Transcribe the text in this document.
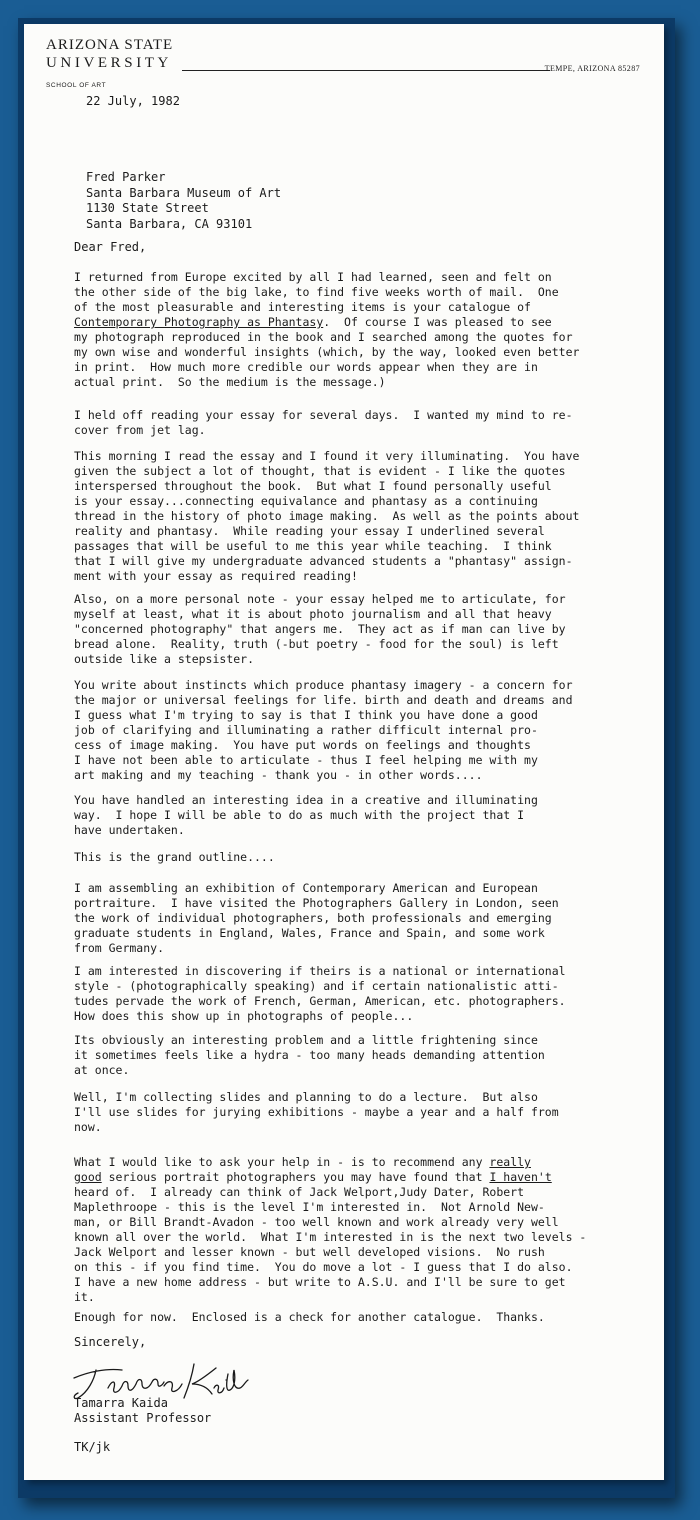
ARIZONA STATE
UNIVERSITY	TEMPE, ARIZONA 85287
SCHOOL OF ART
22 July, 1982
Fred Parker
Santa Barbara Museum of Art
1130 State Street
Santa Barbara, CA 93101
Dear Fred,
I returned from Europe excited by all I had learned, seen and felt on
the other side of the big lake, to find five weeks worth of mail.  One
of the most pleasurable and interesting items is your catalogue of
Contemporary Photography as Phantasy.  Of course I was pleased to see
my photograph reproduced in the book and I searched among the quotes for
my own wise and wonderful insights (which, by the way, looked even better
in print.  How much more credible our words appear when they are in
actual print.  So the medium is the message.)
I held off reading your essay for several days.  I wanted my mind to re-
cover from jet lag.
This morning I read the essay and I found it very illuminating.  You have
given the subject a lot of thought, that is evident - I like the quotes
interspersed throughout the book.  But what I found personally useful
is your essay...connecting equivalance and phantasy as a continuing
thread in the history of photo image making.  As well as the points about
reality and phantasy.  While reading your essay I underlined several
passages that will be useful to me this year while teaching.  I think
that I will give my undergraduate advanced students a "phantasy" assign-
ment with your essay as required reading!
Also, on a more personal note - your essay helped me to articulate, for
myself at least, what it is about photo journalism and all that heavy
"concerned photography" that angers me.  They act as if man can live by
bread alone.  Reality, truth (-but poetry - food for the soul) is left
outside like a stepsister.
You write about instincts which produce phantasy imagery - a concern for
the major or universal feelings for life. birth and death and dreams and
I guess what I'm trying to say is that I think you have done a good
job of clarifying and illuminating a rather difficult internal pro-
cess of image making.  You have put words on feelings and thoughts
I have not been able to articulate - thus I feel helping me with my
art making and my teaching - thank you - in other words....
You have handled an interesting idea in a creative and illuminating
way.  I hope I will be able to do as much with the project that I
have undertaken.
This is the grand outline....
I am assembling an exhibition of Contemporary American and European
portraiture.  I have visited the Photographers Gallery in London, seen
the work of individual photographers, both professionals and emerging
graduate students in England, Wales, France and Spain, and some work
from Germany.
I am interested in discovering if theirs is a national or international
style - (photographically speaking) and if certain nationalistic atti-
tudes pervade the work of French, German, American, etc. photographers.
How does this show up in photographs of people...
Its obviously an interesting problem and a little frightening since
it sometimes feels like a hydra - too many heads demanding attention
at once.
Well, I'm collecting slides and planning to do a lecture.  But also
I'll use slides for jurying exhibitions - maybe a year and a half from
now.
What I would like to ask your help in - is to recommend any really
good serious portrait photographers you may have found that I haven't
heard of.  I already can think of Jack Welport,Judy Dater, Robert
Maplethroope - this is the level I'm interested in.  Not Arnold New-
man, or Bill Brandt-Avadon - too well known and work already very well
known all over the world.  What I'm interested in is the next two levels -
Jack Welport and lesser known - but well developed visions.  No rush
on this - if you find time.  You do move a lot - I guess that I do also.
I have a new home address - but write to A.S.U. and I'll be sure to get
it.
Enough for now.  Enclosed is a check for another catalogue.  Thanks.
Sincerely,
Tamarra Kaida
Assistant Professor
TK/jk
